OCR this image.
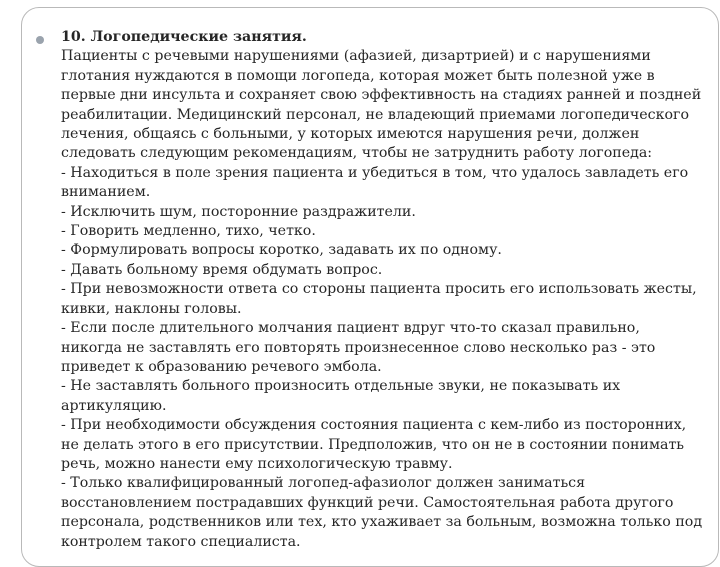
10. Логопедические занятия.
Пациенты с речевыми нарушениями (афазией, дизартрией) и с нарушениями
глотания нуждаются в помощи логопеда, которая может быть полезной уже в
первые дни инсульта и сохраняет свою эффективность на стадиях ранней и поздней
реабилитации. Медицинский персонал, не владеющий приемами логопедического
лечения, общаясь с больными, у которых имеются нарушения речи, должен
следовать следующим рекомендациям, чтобы не затруднить работу логопеда:
- Находиться в поле зрения пациента и убедиться в том, что удалось завладеть его
вниманием.
- Исключить шум, посторонние раздражители.
- Говорить медленно, тихо, четко.
- Формулировать вопросы коротко, задавать их по одному.
- Давать больному время обдумать вопрос.
- При невозможности ответа со стороны пациента просить его использовать жесты,
кивки, наклоны головы.
- Если после длительного молчания пациент вдруг что-то сказал правильно,
никогда не заставлять его повторять произнесенное слово несколько раз - это
приведет к образованию речевого эмбола.
- Не заставлять больного произносить отдельные звуки, не показывать их
артикуляцию.
- При необходимости обсуждения состояния пациента с кем-либо из посторонних,
не делать этого в его присутствии. Предположив, что он не в состоянии понимать
речь, можно нанести ему психологическую травму.
- Только квалифицированный логопед-афазиолог должен заниматься
восстановлением пострадавших функций речи. Самостоятельная работа другого
персонала, родственников или тех, кто ухаживает за больным, возможна только под
контролем такого специалиста.
